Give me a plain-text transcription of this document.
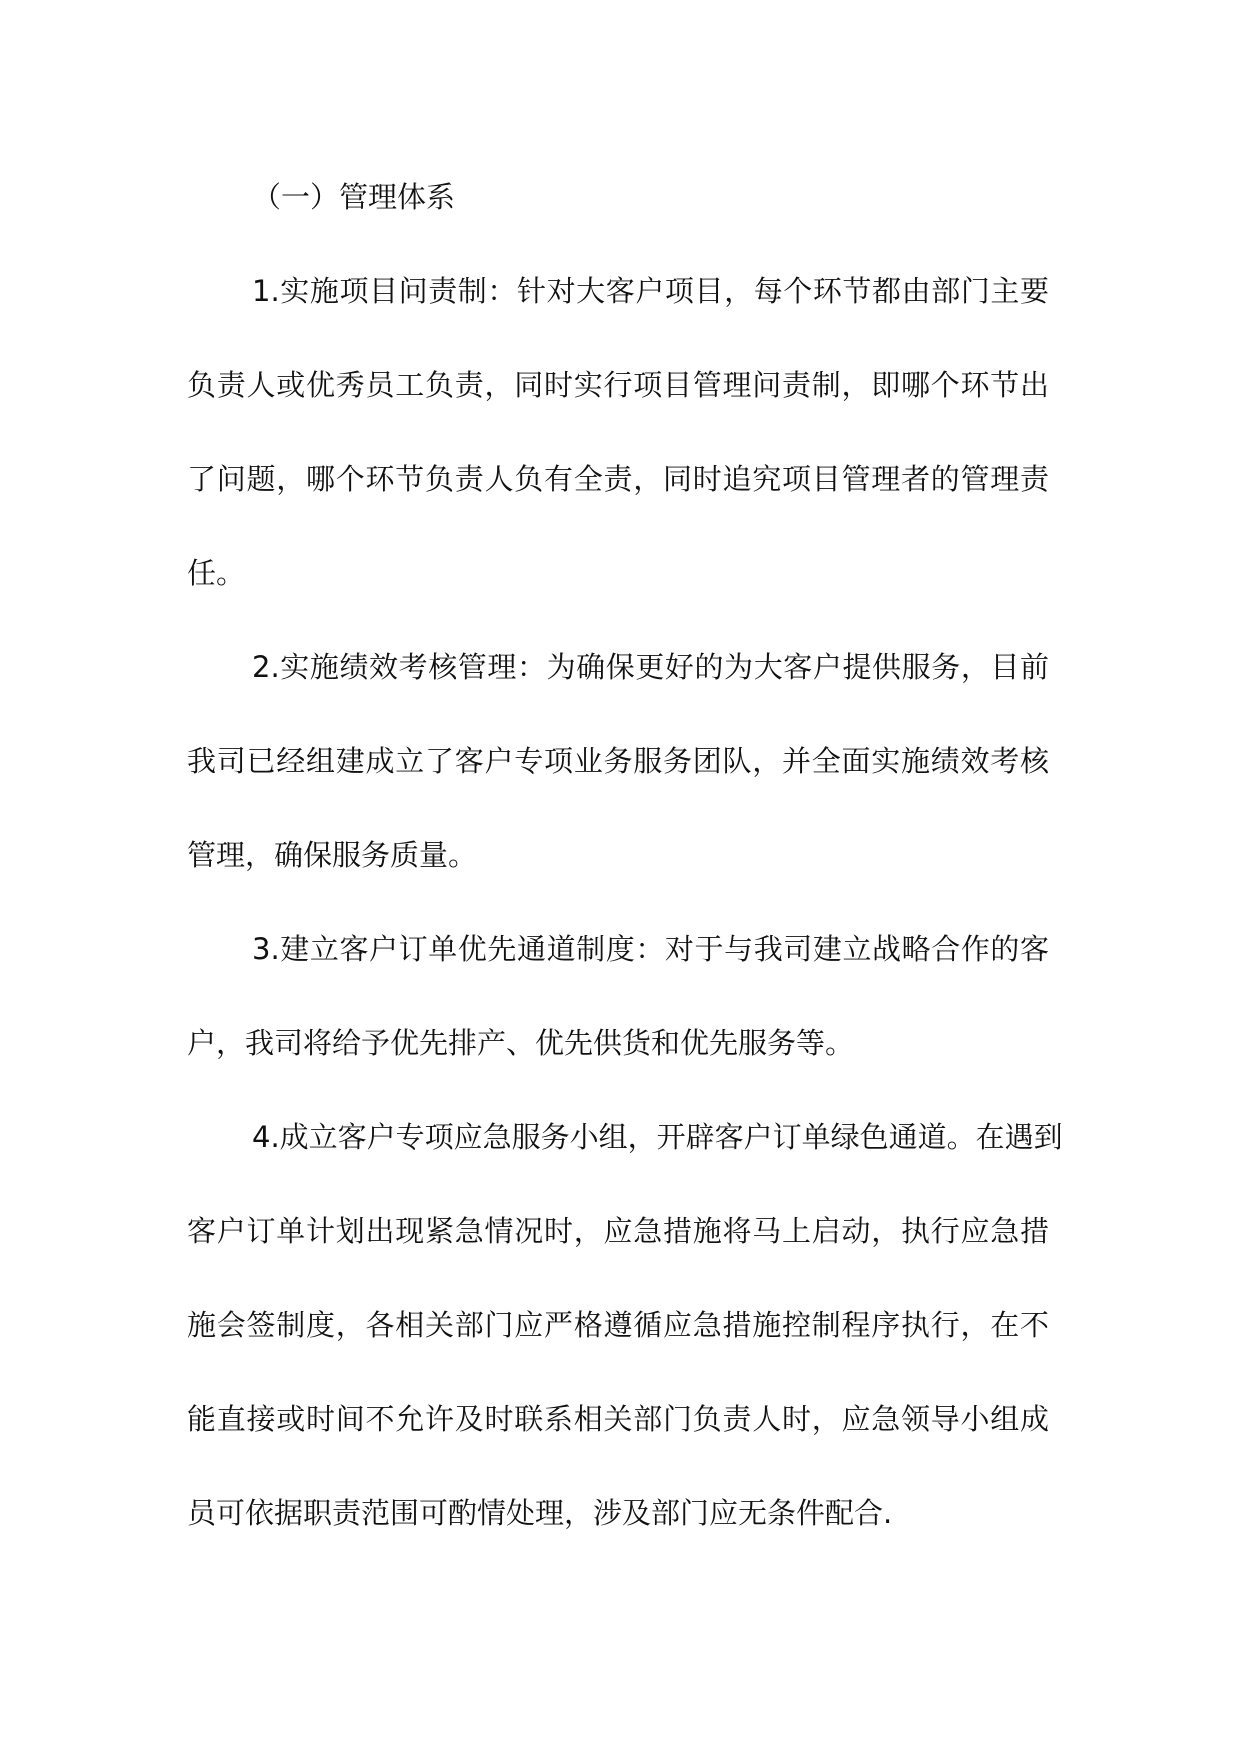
（一）管理体系
1.实施项目问责制：针对大客户项目，每个环节都由部门主要
负责人或优秀员工负责，同时实行项目管理问责制，即哪个环节出
了问题，哪个环节负责人负有全责，同时追究项目管理者的管理责
任。
2.实施绩效考核管理：为确保更好的为大客户提供服务，目前
我司已经组建成立了客户专项业务服务团队，并全面实施绩效考核
管理，确保服务质量。
3.建立客户订单优先通道制度：对于与我司建立战略合作的客
户，我司将给予优先排产、优先供货和优先服务等。
4.成立客户专项应急服务小组，开辟客户订单绿色通道。在遇到
客户订单计划出现紧急情况时，应急措施将马上启动，执行应急措
施会签制度，各相关部门应严格遵循应急措施控制程序执行，在不
能直接或时间不允许及时联系相关部门负责人时，应急领导小组成
员可依据职责范围可酌情处理，涉及部门应无条件配合.
